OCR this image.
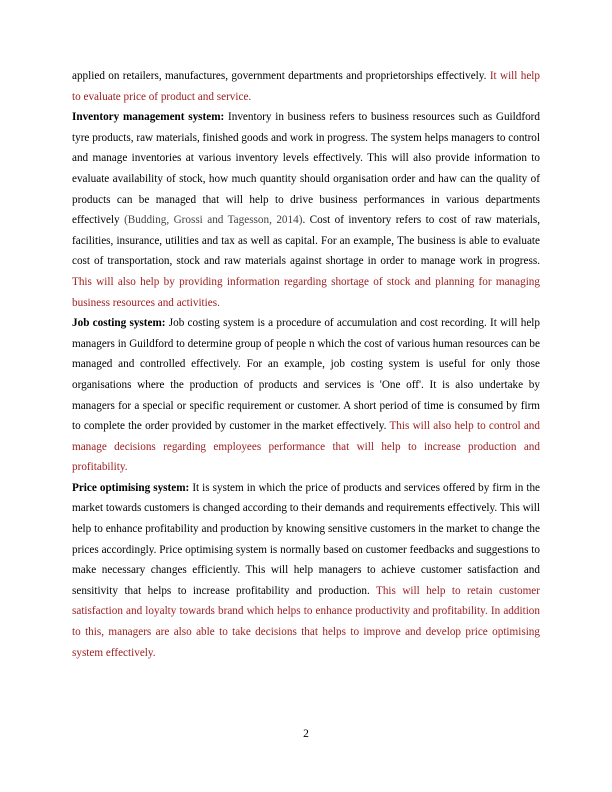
applied on retailers, manufactures, government departments and proprietorships effectively. It will help to evaluate price of product and service.

Inventory management system: Inventory in business refers to business resources such as Guildford tyre products, raw materials, finished goods and work in progress. The system helps managers to control and manage inventories at various inventory levels effectively. This will also provide information to evaluate availability of stock, how much quantity should organisation order and haw can the quality of products can be managed that will help to drive business performances in various departments effectively (Budding, Grossi and Tagesson, 2014). Cost of inventory refers to cost of raw materials, facilities, insurance, utilities and tax as well as capital. For an example, The business is able to evaluate cost of transportation, stock and raw materials against shortage in order to manage work in progress. This will also help by providing information regarding shortage of stock and planning for managing business resources and activities.

Job costing system: Job costing system is a procedure of accumulation and cost recording. It will help managers in Guildford to determine group of people n which the cost of various human resources can be managed and controlled effectively. For an example, job costing system is useful for only those organisations where the production of products and services is 'One off'. It is also undertake by managers for a special or specific requirement or customer. A short period of time is consumed by firm to complete the order provided by customer in the market effectively. This will also help to control and manage decisions regarding employees performance that will help to increase production and profitability.

Price optimising system: It is system in which the price of products and services offered by firm in the market towards customers is changed according to their demands and requirements effectively. This will help to enhance profitability and production by knowing sensitive customers in the market to change the prices accordingly. Price optimising system is normally based on customer feedbacks and suggestions to make necessary changes efficiently. This will help managers to achieve customer satisfaction and sensitivity that helps to increase profitability and production. This will help to retain customer satisfaction and loyalty towards brand which helps to enhance productivity and profitability. In addition to this, managers are also able to take decisions that helps to improve and develop price optimising system effectively.

2
